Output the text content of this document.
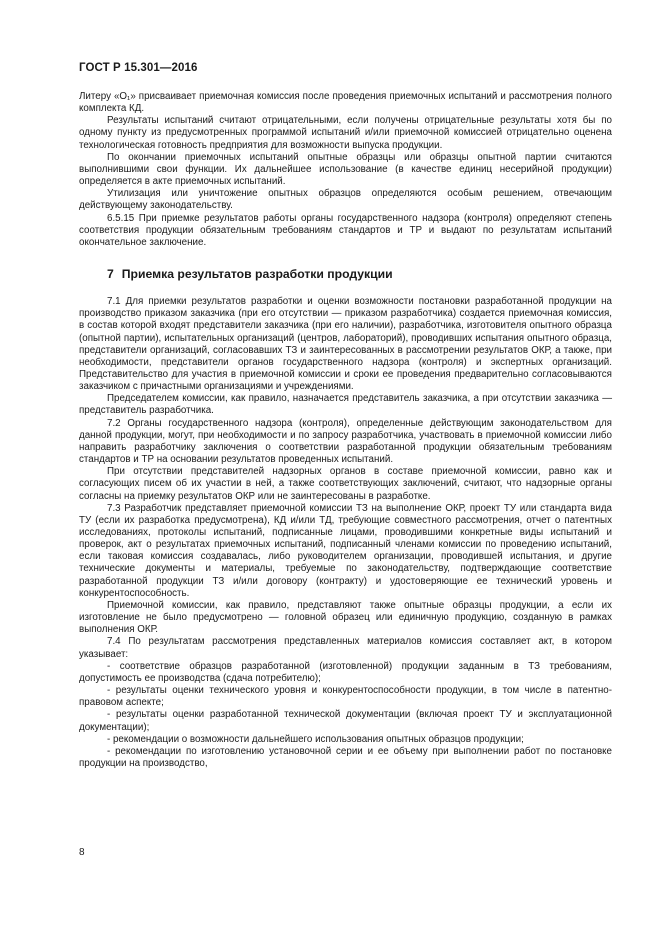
ГОСТ Р 15.301—2016

Литеру «О₁» присваивает приемочная комиссия после проведения приемочных испытаний и рассмотрения полного комплекта КД.

Результаты испытаний считают отрицательными, если получены отрицательные результаты хотя бы по одному пункту из предусмотренных программой испытаний и/или приемочной комиссией отрицательно оценена технологическая готовность предприятия для возможности выпуска продукции.

По окончании приемочных испытаний опытные образцы или образцы опытной партии считаются выполнившими свои функции. Их дальнейшее использование (в качестве единиц несерийной продукции) определяется в акте приемочных испытаний.

Утилизация или уничтожение опытных образцов определяются особым решением, отвечающим действующему законодательству.

6.5.15 При приемке результатов работы органы государственного надзора (контроля) определяют степень соответствия продукции обязательным требованиям стандартов и ТР и выдают по результатам испытаний окончательное заключение.

7 Приемка результатов разработки продукции

7.1 Для приемки результатов разработки и оценки возможности постановки разработанной продукции на производство приказом заказчика (при его отсутствии — приказом разработчика) создается приемочная комиссия, в состав которой входят представители заказчика (при его наличии), разработчика, изготовителя опытного образца (опытной партии), испытательных организаций (центров, лабораторий), проводивших испытания опытного образца, представители организаций, согласовавших ТЗ и заинтересованных в рассмотрении результатов ОКР, а также, при необходимости, представители органов государственного надзора (контроля) и экспертных организаций. Представительство для участия в приемочной комиссии и сроки ее проведения предварительно согласовываются заказчиком с причастными организациями и учреждениями.

Председателем комиссии, как правило, назначается представитель заказчика, а при отсутствии заказчика — представитель разработчика.

7.2 Органы государственного надзора (контроля), определенные действующим законодательством для данной продукции, могут, при необходимости и по запросу разработчика, участвовать в приемочной комиссии либо направить разработчику заключения о соответствии разработанной продукции обязательным требованиям стандартов и ТР на основании результатов проведенных испытаний.

При отсутствии представителей надзорных органов в составе приемочной комиссии, равно как и согласующих писем об их участии в ней, а также соответствующих заключений, считают, что надзорные органы согласны на приемку результатов ОКР или не заинтересованы в разработке.

7.3 Разработчик представляет приемочной комиссии ТЗ на выполнение ОКР, проект ТУ или стандарта вида ТУ (если их разработка предусмотрена), КД и/или ТД, требующие совместного рассмотрения, отчет о патентных исследованиях, протоколы испытаний, подписанные лицами, проводившими конкретные виды испытаний и проверок, акт о результатах приемочных испытаний, подписанный членами комиссии по проведению испытаний, если таковая комиссия создавалась, либо руководителем организации, проводившей испытания, и другие технические документы и материалы, требуемые по законодательству, подтверждающие соответствие разработанной продукции ТЗ и/или договору (контракту) и удостоверяющие ее технический уровень и конкурентоспособность.

Приемочной комиссии, как правило, представляют также опытные образцы продукции, а если их изготовление не было предусмотрено — головной образец или единичную продукцию, созданную в рамках выполнения ОКР.

7.4 По результатам рассмотрения представленных материалов комиссия составляет акт, в котором указывает:

- соответствие образцов разработанной (изготовленной) продукции заданным в ТЗ требованиям, допустимость ее производства (сдача потребителю);

- результаты оценки технического уровня и конкурентоспособности продукции, в том числе в патентно-правовом аспекте;

- результаты оценки разработанной технической документации (включая проект ТУ и эксплуатационной документации);

- рекомендации о возможности дальнейшего использования опытных образцов продукции;

- рекомендации по изготовлению установочной серии и ее объему при выполнении работ по постановке продукции на производство,

8
